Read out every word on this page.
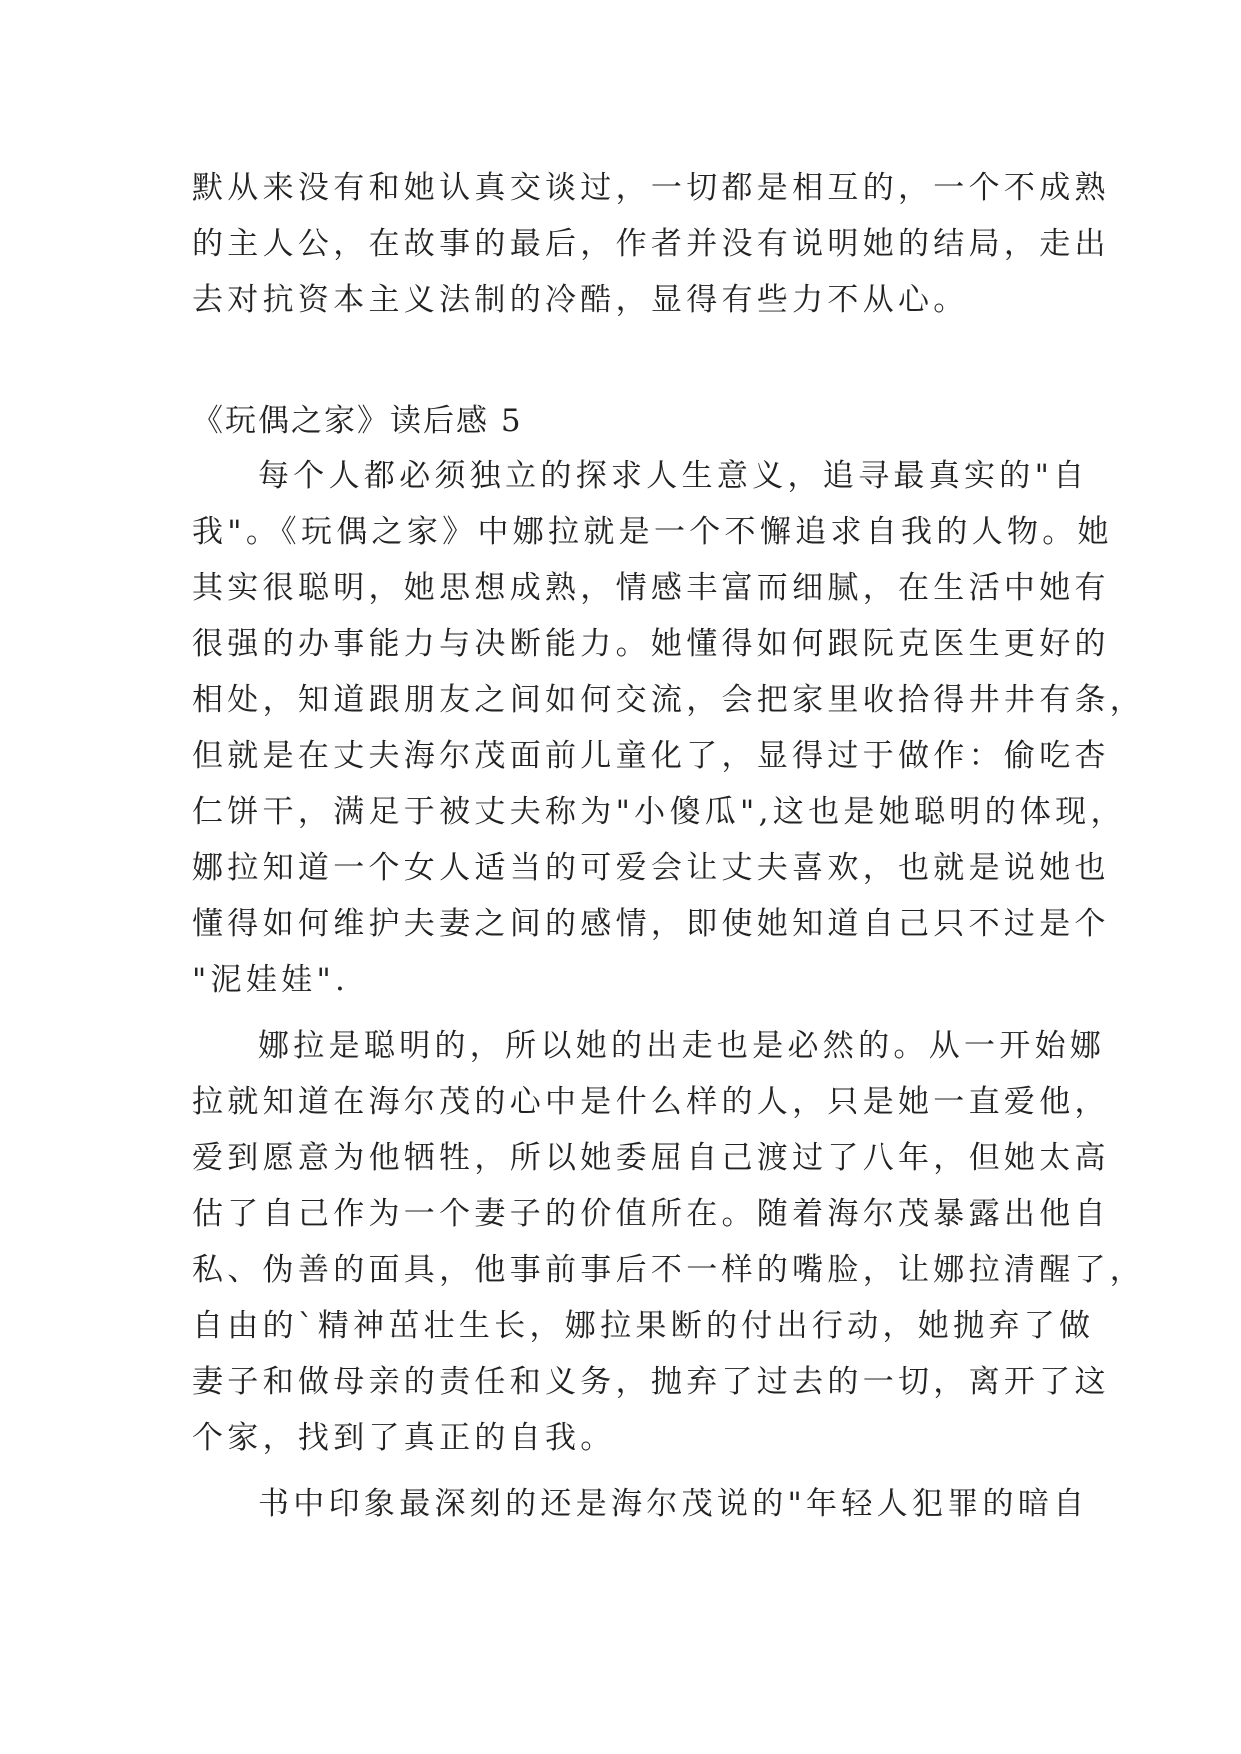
默从来没有和她认真交谈过，一切都是相互的，一个不成熟
的主人公，在故事的最后，作者并没有说明她的结局，走出
去对抗资本主义法制的冷酷，显得有些力不从心。
《玩偶之家》读后感 5
每个人都必须独立的探求人生意义，追寻最真实的"自
我"。《玩偶之家》中娜拉就是一个不懈追求自我的人物。她
其实很聪明，她思想成熟，情感丰富而细腻，在生活中她有
很强的办事能力与决断能力。她懂得如何跟阮克医生更好的
相处，知道跟朋友之间如何交流，会把家里收拾得井井有条，
但就是在丈夫海尔茂面前儿童化了，显得过于做作：偷吃杏
仁饼干，满足于被丈夫称为"小傻瓜",这也是她聪明的体现，
娜拉知道一个女人适当的可爱会让丈夫喜欢，也就是说她也
懂得如何维护夫妻之间的感情，即使她知道自己只不过是个
"泥娃娃".
娜拉是聪明的，所以她的出走也是必然的。从一开始娜
拉就知道在海尔茂的心中是什么样的人，只是她一直爱他，
爱到愿意为他牺牲，所以她委屈自己渡过了八年，但她太高
估了自己作为一个妻子的价值所在。随着海尔茂暴露出他自
私、伪善的面具，他事前事后不一样的嘴脸，让娜拉清醒了，
自由的`精神茁壮生长，娜拉果断的付出行动，她抛弃了做
妻子和做母亲的责任和义务，抛弃了过去的一切，离开了这
个家，找到了真正的自我。
书中印象最深刻的还是海尔茂说的"年轻人犯罪的暗自
